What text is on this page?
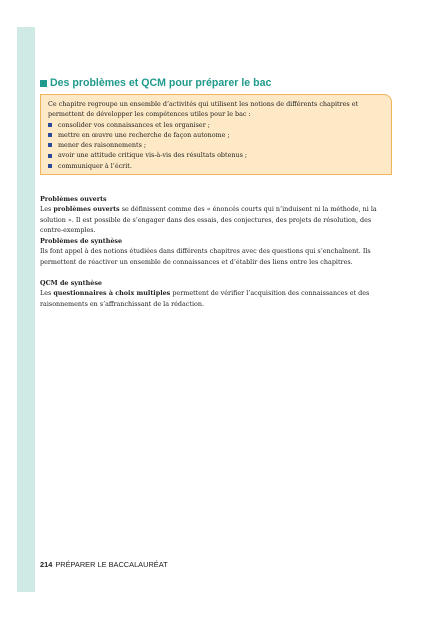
Des problèmes et QCM pour préparer le bac

Ce chapitre regroupe un ensemble d’activités qui utilisent les notions de différents chapitres et permettent de développer les compétences utiles pour le bac :

consolider vos connaissances et les organiser ;
mettre en œuvre une recherche de façon autonome ;
mener des raisonnements ;
avoir une attitude critique vis-à-vis des résultats obtenus ;
communiquer à l’écrit.

Problèmes ouverts

Les problèmes ouverts se définissent comme des « énoncés courts qui n’induisent ni la méthode, ni la solution ». Il est possible de s’engager dans des essais, des conjectures, des projets de résolution, des contre-exemples.

Problèmes de synthèse

Ils font appel à des notions étudiées dans différents chapitres avec des questions qui s’enchaînent. Ils permettent de réactiver un ensemble de connaissances et d’établir des liens entre les chapitres.

QCM de synthèse

Les questionnaires à choix multiples permettent de vérifier l’acquisition des connaissances et des raisonnements en s’affranchissant de la rédaction.

214 PRÉPARER LE BACCALAURÉAT
